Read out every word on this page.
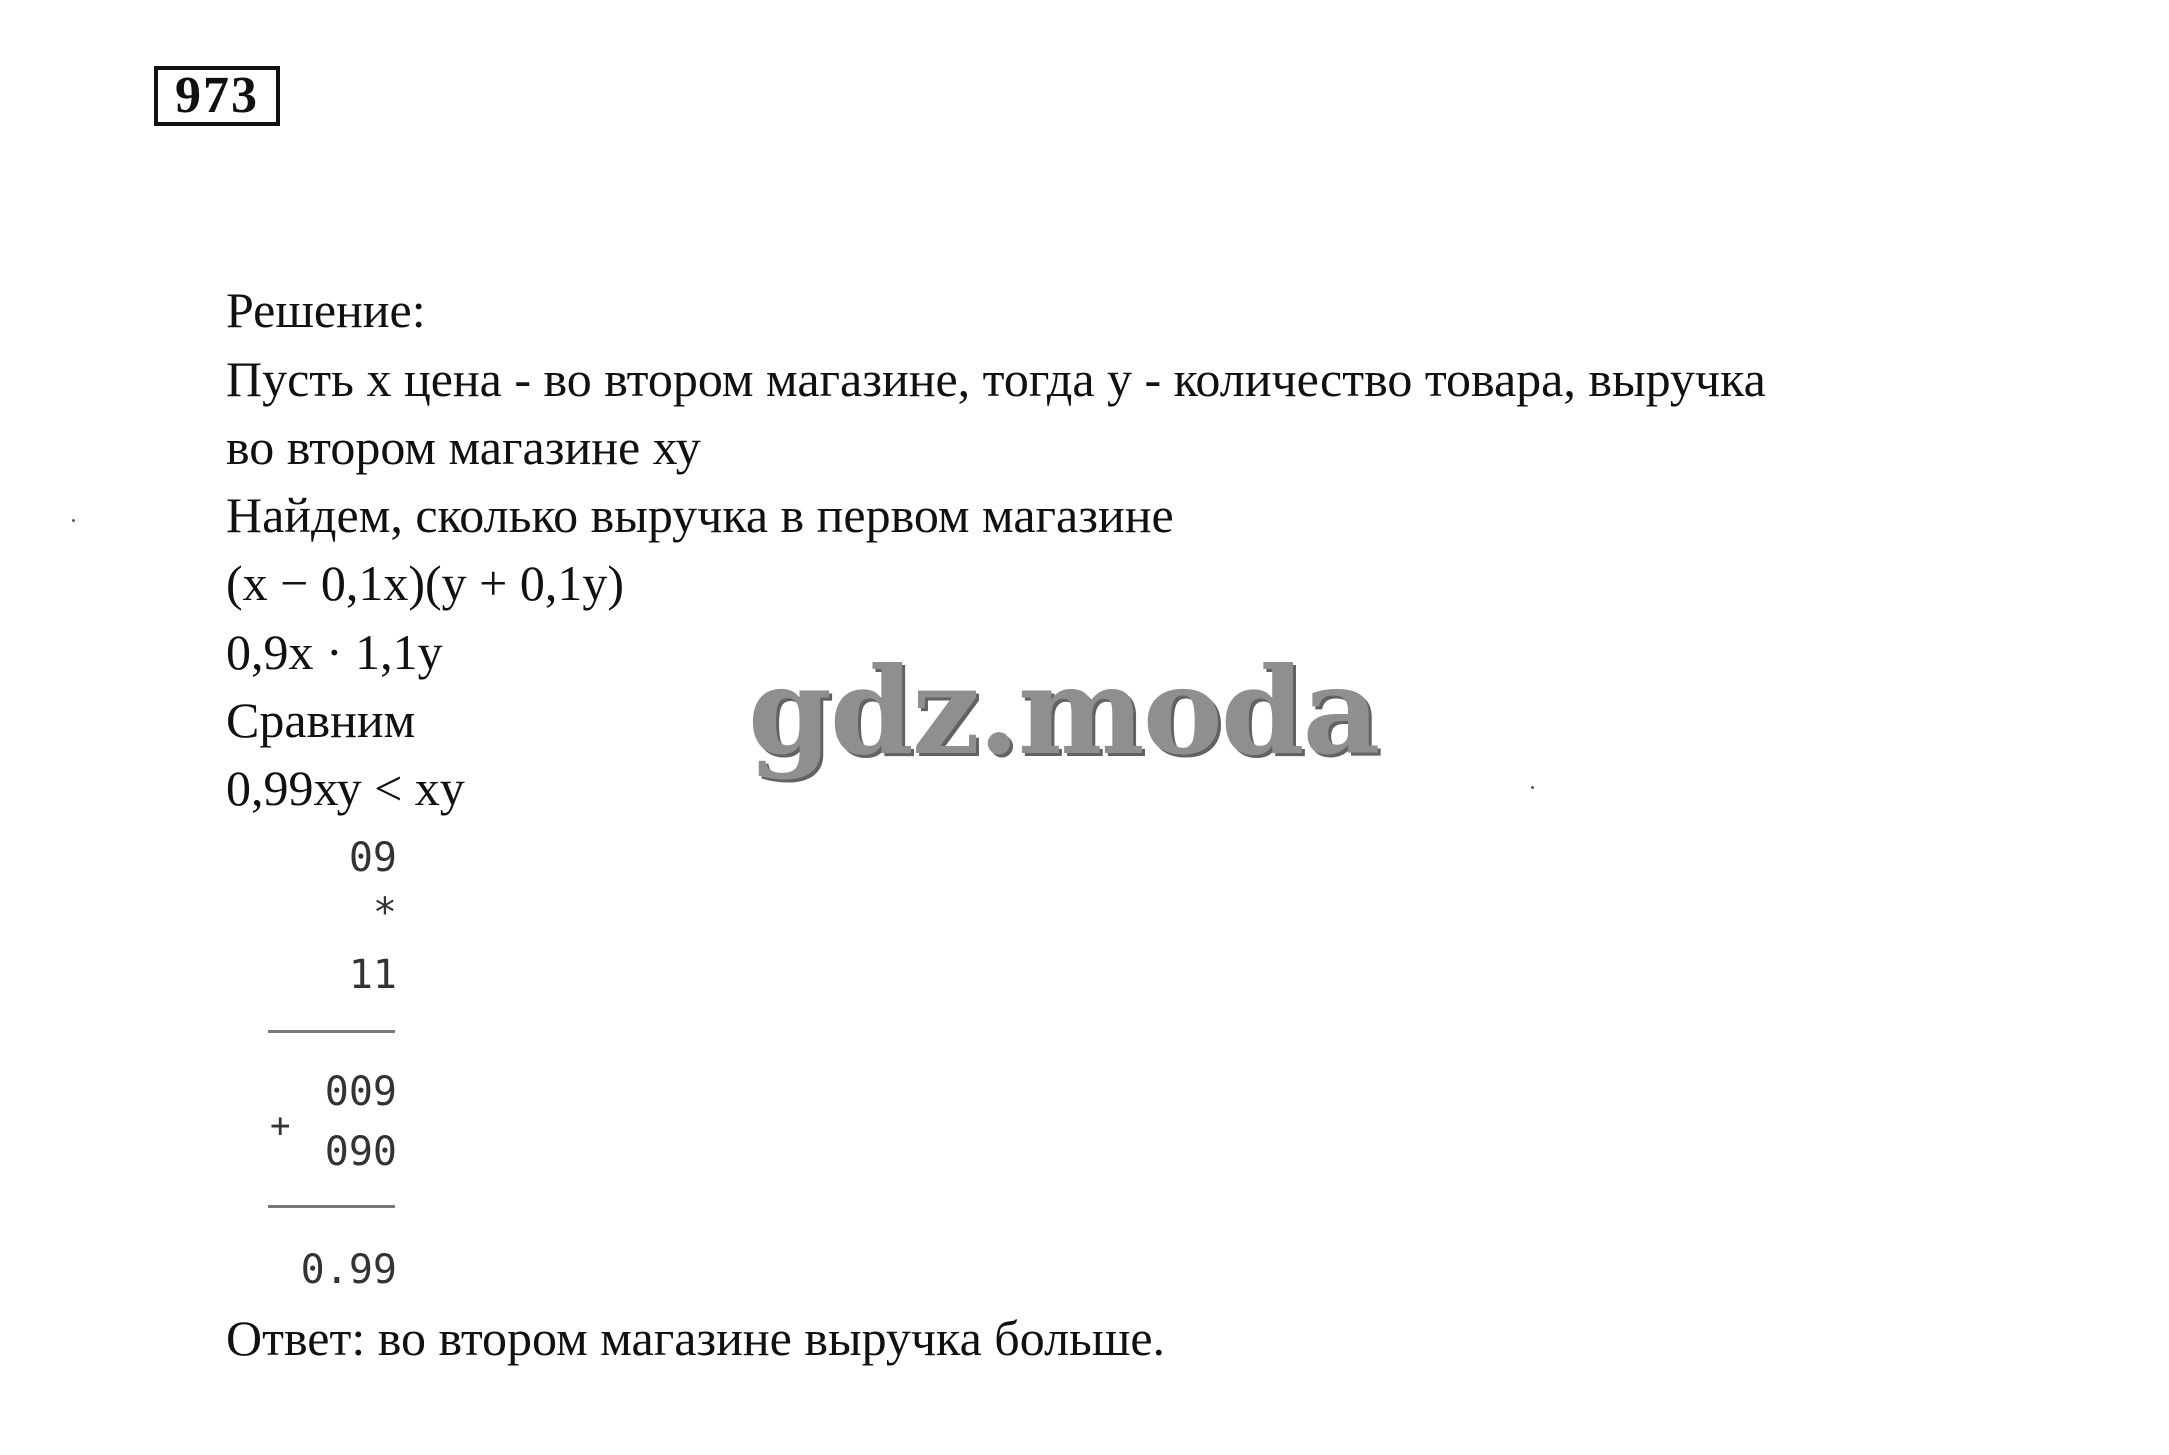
973
Решение:
Пусть х цена - во втором магазине, тогда у - количество товара, выручка
во втором магазине ху
Найдем, сколько выручка в первом магазине
(х − 0,1х)(у + 0,1у)
0,9х · 1,1у
Сравним
0,99ху < xy
09
*
11
009
+
090
0.99
Ответ: во втором магазине выручка больше.
gdz.moda
